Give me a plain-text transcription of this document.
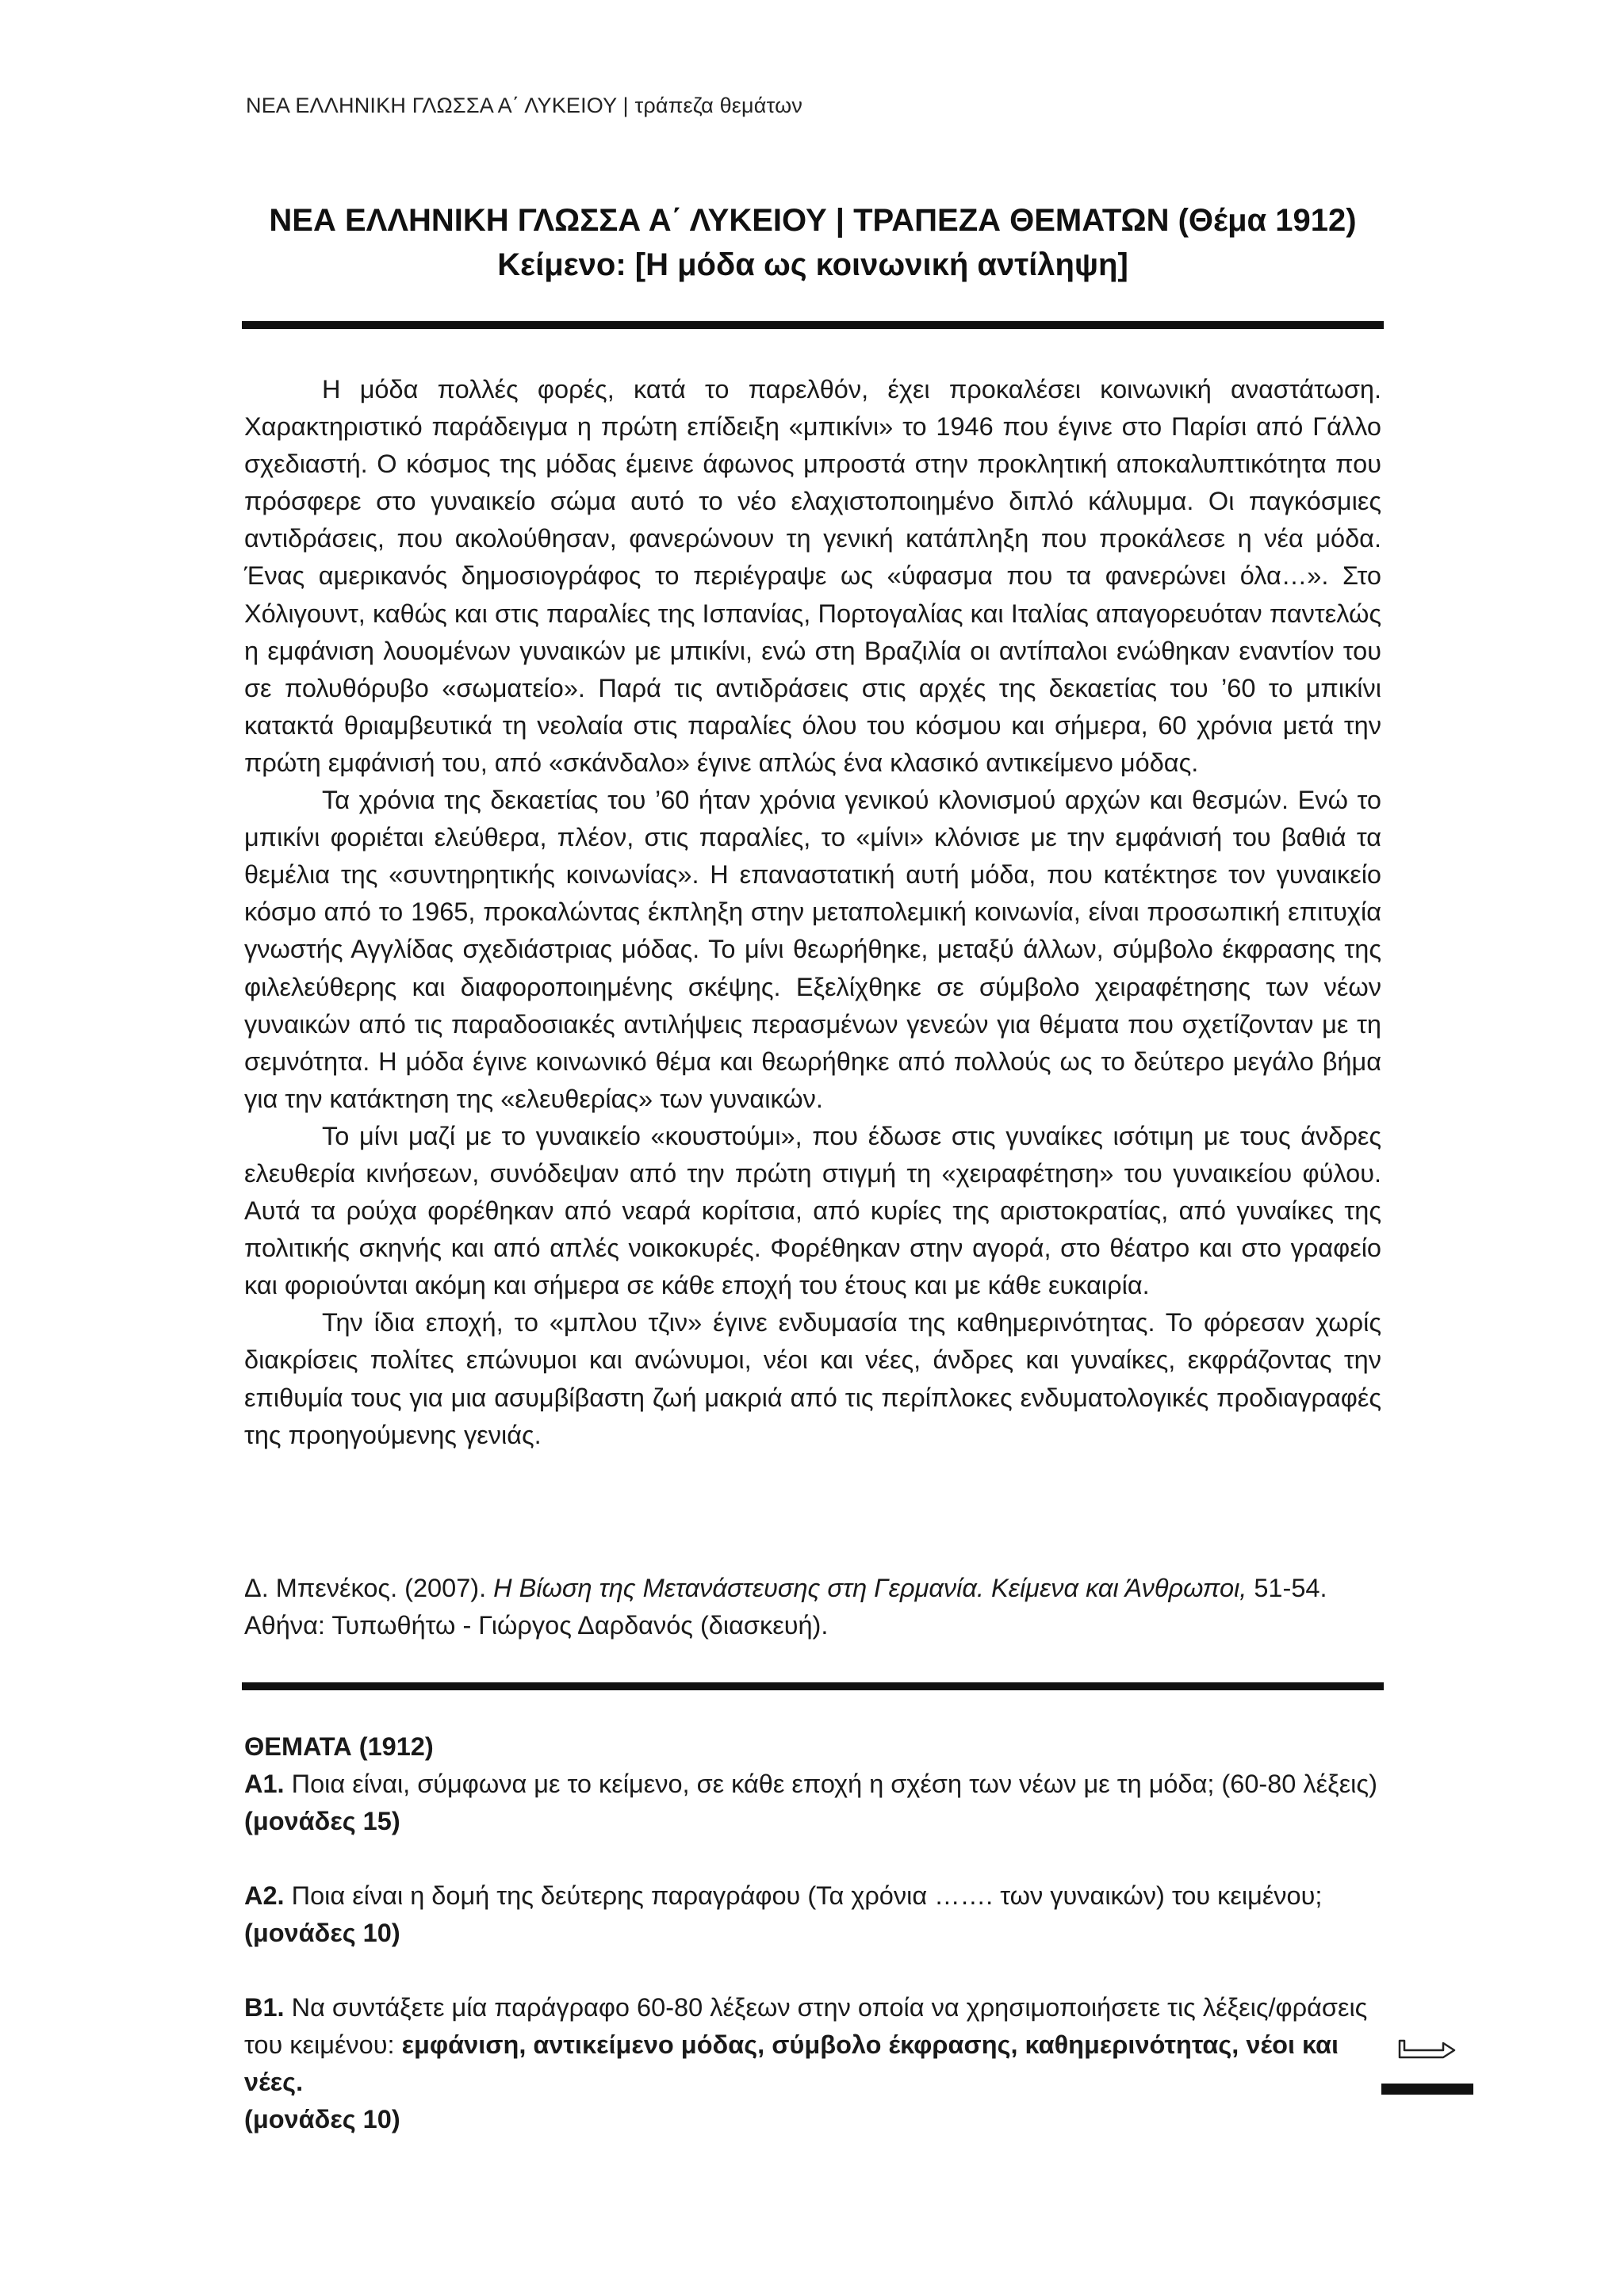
ΝΕΑ ΕΛΛΗΝΙΚΗ ΓΛΩΣΣΑ Α΄ ΛΥΚΕΙΟΥ | τράπεζα θεμάτων
ΝΕΑ ΕΛΛΗΝΙΚΗ ΓΛΩΣΣΑ Α΄ ΛΥΚΕΙΟΥ | ΤΡΑΠΕΖΑ ΘΕΜΑΤΩΝ (Θέμα 1912)
Κείμενο: [Η μόδα ως κοινωνική αντίληψη]

Η μόδα πολλές φορές, κατά το παρελθόν, έχει προκαλέσει κοινωνική αναστάτωση. Χαρακτηριστικό παράδειγμα η πρώτη επίδειξη «μπικίνι» το 1946 που έγινε στο Παρίσι από Γάλλο σχεδιαστή. Ο κόσμος της μόδας έμεινε άφωνος μπροστά στην προκλητική αποκαλυπτικότητα που πρόσφερε στο γυναικείο σώμα αυτό το νέο ελαχιστοποιημένο διπλό κάλυμμα. Οι παγκόσμιες αντιδράσεις, που ακολούθησαν, φανερώνουν τη γενική κατάπληξη που προκάλεσε η νέα μόδα. Ένας αμερικανός δημοσιογράφος το περιέγραψε ως «ύφασμα που τα φανερώνει όλα…». Στο Χόλιγουντ, καθώς και στις παραλίες της Ισπανίας, Πορτογαλίας και Ιταλίας απαγορευόταν παντελώς η εμφάνιση λουομένων γυναικών με μπικίνι, ενώ στη Βραζιλία οι αντίπαλοι ενώθηκαν εναντίον του σε πολυθόρυβο «σωματείο». Παρά τις αντιδράσεις στις αρχές της δεκαετίας του ’60 το μπικίνι κατακτά θριαμβευτικά τη νεολαία στις παραλίες όλου του κόσμου και σήμερα, 60 χρόνια μετά την πρώτη εμφάνισή του, από «σκάνδαλο» έγινε απλώς ένα κλασικό αντικείμενο μόδας.

Τα χρόνια της δεκαετίας του ’60 ήταν χρόνια γενικού κλονισμού αρχών και θεσμών. Ενώ το μπικίνι φοριέται ελεύθερα, πλέον, στις παραλίες, το «μίνι» κλόνισε με την εμφάνισή του βαθιά τα θεμέλια της «συντηρητικής κοινωνίας». Η επαναστατική αυτή μόδα, που κατέκτησε τον γυναικείο κόσμο από το 1965, προκαλώντας έκπληξη στην μεταπολεμική κοινωνία, είναι προσωπική επιτυχία γνωστής Αγγλίδας σχεδιάστριας μόδας. Το μίνι θεωρήθηκε, μεταξύ άλλων, σύμβολο έκφρασης της φιλελεύθερης και διαφοροποιημένης σκέψης. Εξελίχθηκε σε σύμβολο χειραφέτησης των νέων γυναικών από τις παραδοσιακές αντιλήψεις περασμένων γενεών για θέματα που σχετίζονταν με τη σεμνότητα. Η μόδα έγινε κοινωνικό θέμα και θεωρήθηκε από πολλούς ως το δεύτερο μεγάλο βήμα για την κατάκτηση της «ελευθερίας» των γυναικών.

Το μίνι μαζί με το γυναικείο «κουστούμι», που έδωσε στις γυναίκες ισότιμη με τους άνδρες ελευθερία κινήσεων, συνόδεψαν από την πρώτη στιγμή τη «χειραφέτηση» του γυναικείου φύλου. Αυτά τα ρούχα φορέθηκαν από νεαρά κορίτσια, από κυρίες της αριστοκρατίας, από γυναίκες της πολιτικής σκηνής και από απλές νοικοκυρές. Φορέθηκαν στην αγορά, στο θέατρο και στο γραφείο και φοριούνται ακόμη και σήμερα σε κάθε εποχή του έτους και με κάθε ευκαιρία.

Την ίδια εποχή, το «μπλου τζιν» έγινε ενδυμασία της καθημερινότητας. Το φόρεσαν χωρίς διακρίσεις πολίτες επώνυμοι και ανώνυμοι, νέοι και νέες, άνδρες και γυναίκες, εκφράζοντας την επιθυμία τους για μια ασυμβίβαστη ζωή μακριά από τις περίπλοκες ενδυματολογικές προδιαγραφές της προηγούμενης γενιάς.

Δ. Μπενέκος. (2007). Η Βίωση της Μετανάστευσης στη Γερμανία. Κείμενα και Άνθρωποι, 51-54. Αθήνα: Τυπωθήτω - Γιώργος Δαρδανός (διασκευή).

ΘΕΜΑΤΑ (1912)

Α1. Ποια είναι, σύμφωνα με το κείμενο, σε κάθε εποχή η σχέση των νέων με τη μόδα; (60-80 λέξεις)
(μονάδες 15)
Α2. Ποια είναι η δομή της δεύτερης παραγράφου (Τα χρόνια ……. των γυναικών) του κειμένου;
(μονάδες 10)
Β1. Να συντάξετε μία παράγραφο 60-80 λέξεων στην οποία να χρησιμοποιήσετε τις λέξεις/φράσεις του κειμένου: εμφάνιση, αντικείμενο μόδας, σύμβολο έκφρασης, καθημερινότητας, νέοι και νέες.
(μονάδες 10)
